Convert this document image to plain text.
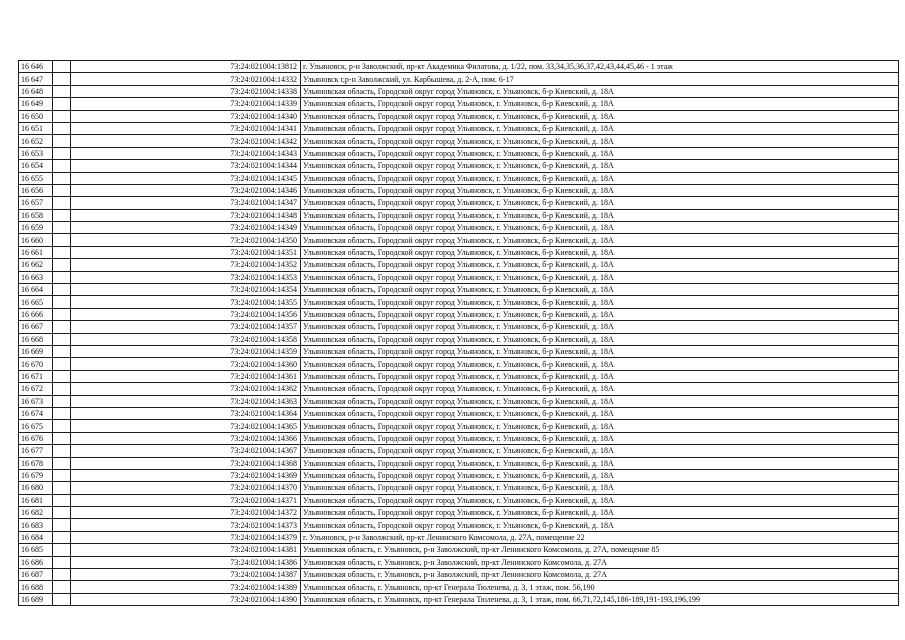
16 646		73:24:021004:13812	г. Ульяновск, р-н Заволжский, пр-кт Академика Филатова, д. 1/22, пом. 33,34,35,36,37,42,43,44,45,46 - 1 этаж
16 647		73:24:021004:14332	Ульяновск г,р-н Заволжский, ул. Карбышева, д. 2-А, пом. 6-17
16 648		73:24:021004:14338	Ульяновская область, Городской округ город Ульяновск, г. Ульяновск, б-р Киевский, д. 18А
16 649		73:24:021004:14339	Ульяновская область, Городской округ город Ульяновск, г. Ульяновск, б-р Киевский, д. 18А
16 650		73:24:021004:14340	Ульяновская область, Городской округ город Ульяновск, г. Ульяновск, б-р Киевский, д. 18А
16 651		73:24:021004:14341	Ульяновская область, Городской округ город Ульяновск, г. Ульяновск, б-р Киевский, д. 18А
16 652		73:24:021004:14342	Ульяновская область, Городской округ город Ульяновск, г. Ульяновск, б-р Киевский, д. 18А
16 653		73:24:021004:14343	Ульяновская область, Городской округ город Ульяновск, г. Ульяновск, б-р Киевский, д. 18А
16 654		73:24:021004:14344	Ульяновская область, Городской округ город Ульяновск, г. Ульяновск, б-р Киевский, д. 18А
16 655		73:24:021004:14345	Ульяновская область, Городской округ город Ульяновск, г. Ульяновск, б-р Киевский, д. 18А
16 656		73:24:021004:14346	Ульяновская область, Городской округ город Ульяновск, г. Ульяновск, б-р Киевский, д. 18А
16 657		73:24:021004:14347	Ульяновская область, Городской округ город Ульяновск, г. Ульяновск, б-р Киевский, д. 18А
16 658		73:24:021004:14348	Ульяновская область, Городской округ город Ульяновск, г. Ульяновск, б-р Киевский, д. 18А
16 659		73:24:021004:14349	Ульяновская область, Городской округ город Ульяновск, г. Ульяновск, б-р Киевский, д. 18А
16 660		73:24:021004:14350	Ульяновская область, Городской округ город Ульяновск, г. Ульяновск, б-р Киевский, д. 18А
16 661		73:24:021004:14351	Ульяновская область, Городской округ город Ульяновск, г. Ульяновск, б-р Киевский, д. 18А
16 662		73:24:021004:14352	Ульяновская область, Городской округ город Ульяновск, г. Ульяновск, б-р Киевский, д. 18А
16 663		73:24:021004:14353	Ульяновская область, Городской округ город Ульяновск, г. Ульяновск, б-р Киевский, д. 18А
16 664		73:24:021004:14354	Ульяновская область, Городской округ город Ульяновск, г. Ульяновск, б-р Киевский, д. 18А
16 665		73:24:021004:14355	Ульяновская область, Городской округ город Ульяновск, г. Ульяновск, б-р Киевский, д. 18А
16 666		73:24:021004:14356	Ульяновская область, Городской округ город Ульяновск, г. Ульяновск, б-р Киевский, д. 18А
16 667		73:24:021004:14357	Ульяновская область, Городской округ город Ульяновск, г. Ульяновск, б-р Киевский, д. 18А
16 668		73:24:021004:14358	Ульяновская область, Городской округ город Ульяновск, г. Ульяновск, б-р Киевский, д. 18А
16 669		73:24:021004:14359	Ульяновская область, Городской округ город Ульяновск, г. Ульяновск, б-р Киевский, д. 18А
16 670		73:24:021004:14360	Ульяновская область, Городской округ город Ульяновск, г. Ульяновск, б-р Киевский, д. 18А
16 671		73:24:021004:14361	Ульяновская область, Городской округ город Ульяновск, г. Ульяновск, б-р Киевский, д. 18А
16 672		73:24:021004:14362	Ульяновская область, Городской округ город Ульяновск, г. Ульяновск, б-р Киевский, д. 18А
16 673		73:24:021004:14363	Ульяновская область, Городской округ город Ульяновск, г. Ульяновск, б-р Киевский, д. 18А
16 674		73:24:021004:14364	Ульяновская область, Городской округ город Ульяновск, г. Ульяновск, б-р Киевский, д. 18А
16 675		73:24:021004:14365	Ульяновская область, Городской округ город Ульяновск, г. Ульяновск, б-р Киевский, д. 18А
16 676		73:24:021004:14366	Ульяновская область, Городской округ город Ульяновск, г. Ульяновск, б-р Киевский, д. 18А
16 677		73:24:021004:14367	Ульяновская область, Городской округ город Ульяновск, г. Ульяновск, б-р Киевский, д. 18А
16 678		73:24:021004:14368	Ульяновская область, Городской округ город Ульяновск, г. Ульяновск, б-р Киевский, д. 18А
16 679		73:24:021004:14369	Ульяновская область, Городской округ город Ульяновск, г. Ульяновск, б-р Киевский, д. 18А
16 680		73:24:021004:14370	Ульяновская область, Городской округ город Ульяновск, г. Ульяновск, б-р Киевский, д. 18А
16 681		73:24:021004:14371	Ульяновская область, Городской округ город Ульяновск, г. Ульяновск, б-р Киевский, д. 18А
16 682		73:24:021004:14372	Ульяновская область, Городской округ город Ульяновск, г. Ульяновск, б-р Киевский, д. 18А
16 683		73:24:021004:14373	Ульяновская область, Городской округ город Ульяновск, г. Ульяновск, б-р Киевский, д. 18А
16 684		73:24:021004:14379	г. Ульяновск, р-н Заволжский, пр-кт Ленинского Комсомола, д. 27А, помещение 22
16 685		73:24:021004:14381	Ульяновская область, г. Ульяновск, р-н Заволжский, пр-кт Ленинского Комсомола, д. 27А, помещение 85
16 686		73:24:021004:14386	Ульяновская область, г. Ульяновск, р-н Заволжский, пр-кт Ленинского Комсомола, д. 27А
16 687		73:24:021004:14387	Ульяновская область, г. Ульяновск, р-н Заволжский, пр-кт Ленинского Комсомола, д. 27А
16 688		73:24:021004:14389	Ульяновская область, г. Ульяновск, пр-кт Генерала Тюленева, д. 3, 1 этаж, пом. 56,190
16 689		73:24:021004:14390	Ульяновская область, г. Ульяновск, пр-кт Генерала Тюленева, д. 3, 1 этаж, пом. 66,71,72,145,186-189,191-193,196,199
